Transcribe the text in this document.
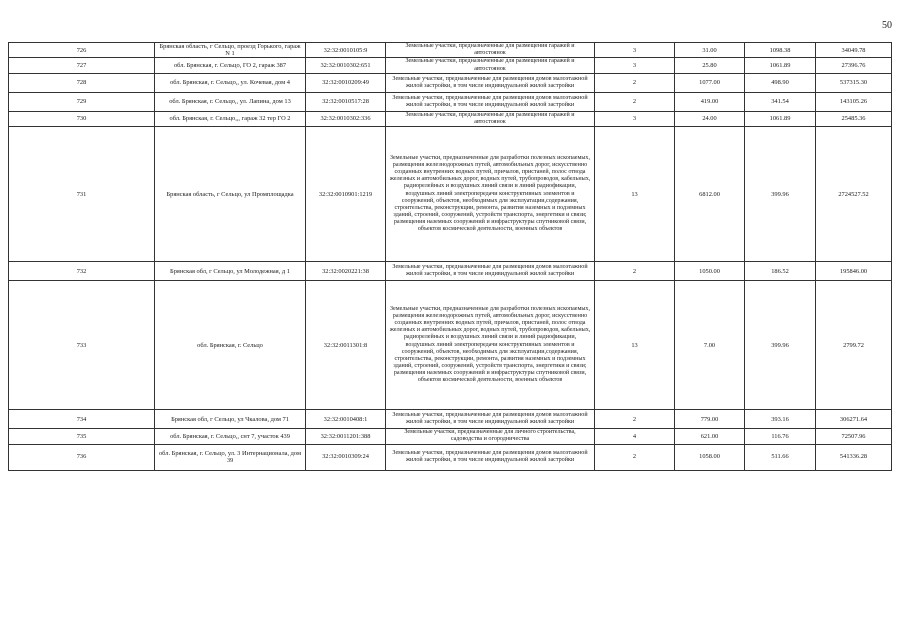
50
726	Брянская область, г Сельцо, проезд Горького, гараж N 1	32:32:0010105:9	Земельные участки, предназначенные для размещения гаражей и автостоянок	3	31.00	1098.38	34049.78
727	обл. Брянская, г. Сельцо, ГО 2, гараж 387	32:32:0010302:651	Земельные участки, предназначенные для размещения гаражей и автостоянок	3	25.80	1061.89	27396.76
728	обл. Брянская, г. Сельцо,, ул. Кочевая, дом 4	32:32:0010209:49	Земельные участки, предназначенные для размещения домов малоэтажной жилой застройки, в том числе индивидуальной жилой застройки	2	1077.00	498.90	537315.30
729	обл. Брянская, г. Сельцо,, ул. Лапина, дом 13	32:32:0010517:28	Земельные участки, предназначенные для размещения домов малоэтажной жилой застройки, в том числе индивидуальной жилой застройки	2	419.00	341.54	143105.26
730	обл. Брянская, г. Сельцо,,, гараж 32 тер ГО 2	32:32:0010302:336	Земельные участки, предназначенные для размещения гаражей и автостоянок	3	24.00	1061.89	25485.36
731	Брянская область, г Сельцо, ул Промплощадка	32:32:0010901:1219	Земельные участки, предназначенные для разработки полезных ископаемых, размещения железнодорожных путей, автомобильных дорог, искусственно созданных внутренних водных путей, причалов, пристаней, полос отвода железных и автомобильных дорог, водных путей, трубопроводов, кабельных, радиорелейных и воздушных линий связи и линий радиофикации, воздушных линий электропередачи конструктивных элементов и сооружений, объектов, необходимых для эксплуатации,содержания, строительства, реконструкции, ремонта, развития наземных и подземных зданий, строений, сооружений, устройств транспорта, энергетики и связи; размещения наземных сооружений и инфраструктуры спутниковой связи, объектов космической деятельности, военных объектов	13	6812.00	399.96	2724527.52
732	Брянская обл, г Сельцо, ул Молодежная, д 1	32:32:0020221:38	Земельные участки, предназначенные для размещения домов малоэтажной жилой застройки, в том числе индивидуальной жилой застройки	2	1050.00	186.52	195846.00
733	обл. Брянская, г. Сельцо	32:32:0011301:8	Земельные участки, предназначенные для разработки полезных ископаемых, размещения железнодорожных путей, автомобильных дорог, искусственно созданных внутренних водных путей, причалов, пристаней, полос отвода железных и автомобильных дорог, водных путей, трубопроводов, кабельных, радиорелейных и воздушных линий связи и линий радиофикации, воздушных линий электропередачи конструктивных элементов и сооружений, объектов, необходимых для эксплуатации,содержания, строительства, реконструкции, ремонта, развития наземных и подземных зданий, строений, сооружений, устройств транспорта, энергетики и связи; размещения наземных сооружений и инфраструктуры спутниковой связи, объектов космической деятельности, военных объектов	13	7.00	399.96	2799.72
734	Брянская обл, г Сельцо, ул Чкалова, дом 71	32:32:0010408:1	Земельные участки, предназначенные для размещения домов малоэтажной жилой застройки, в том числе индивидуальной жилой застройки	2	779.00	393.16	306271.64
735	обл. Брянская, г. Сельцо,, снт 7, участок 439	32:32:0011201:388	Земельные участки, предназначенные для личного строительства, садоводства и огородничества	4	621.00	116.76	72507.96
736	обл. Брянская, г. Сельцо, ул. 3 Интернационала, дом 39	32:32:0010309:24	Земельные участки, предназначенные для размещения домов малоэтажной жилой застройки, в том числе индивидуальной жилой застройки	2	1058.00	511.66	541336.28
